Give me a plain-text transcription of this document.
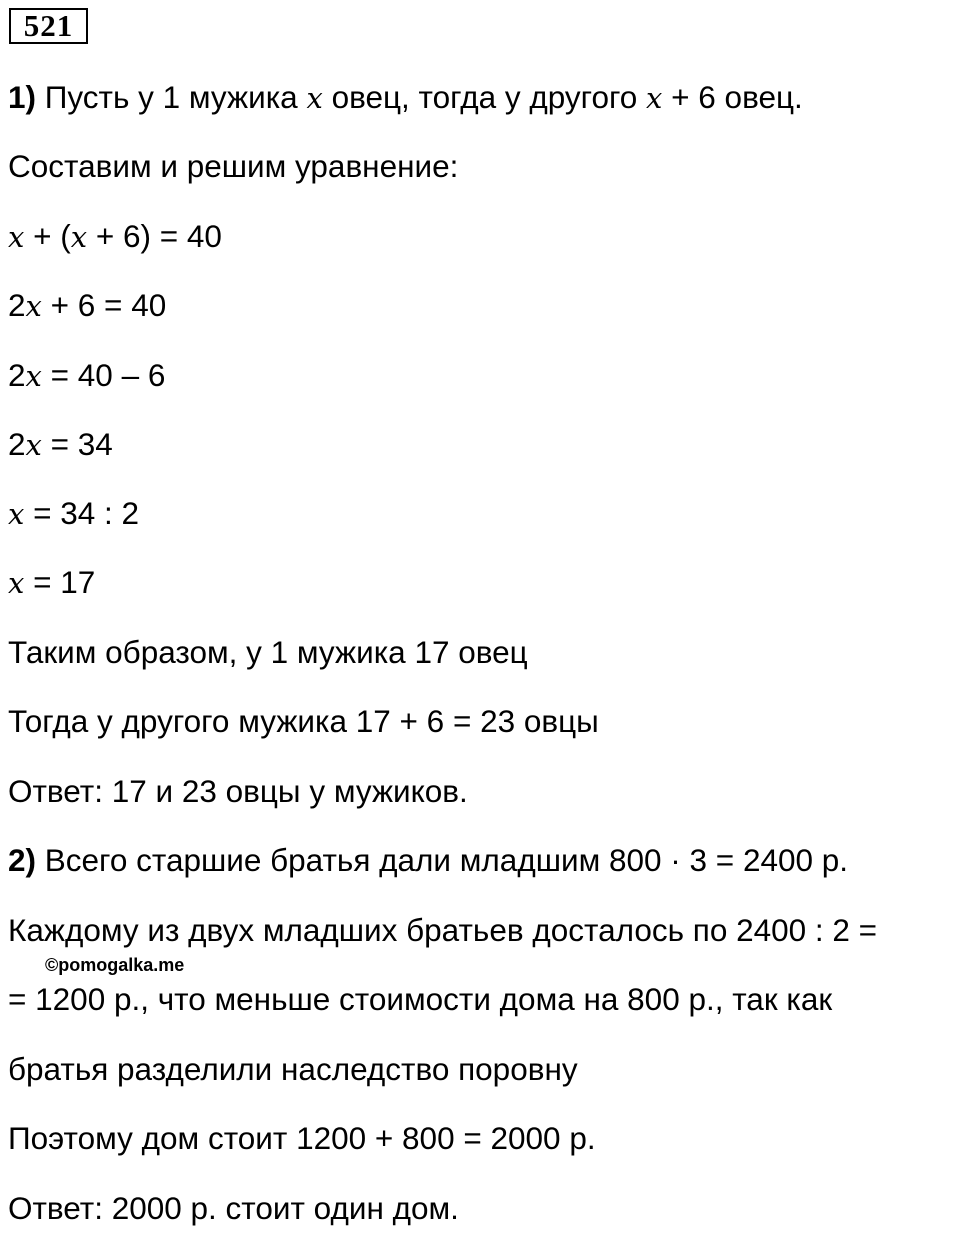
521
1) Пусть у 1 мужика x овец, тогда у другого x + 6 овец.
Составим и решим уравнение:
x + (x + 6) = 40
2x + 6 = 40
2x = 40 – 6
2x = 34
x = 34 : 2
x = 17
Таким образом, у 1 мужика 17 овец
Тогда у другого мужика 17 + 6 = 23 овцы
Ответ: 17 и 23 овцы у мужиков.
2) Всего старшие братья дали младшим 800 · 3 = 2400 р.
Каждому из двух младших братьев досталось по 2400 : 2 =
©pomogalka.me
= 1200 р., что меньше стоимости дома на 800 р., так как
братья разделили наследство поровну
Поэтому дом стоит 1200 + 800 = 2000 р.
Ответ: 2000 р. стоит один дом.
